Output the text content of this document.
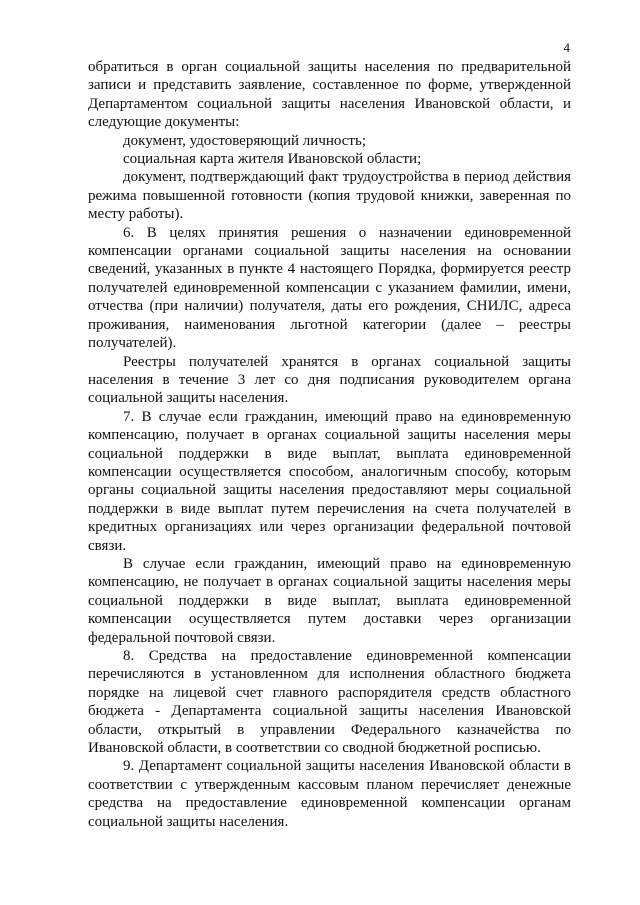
4

обратиться в орган социальной защиты населения по предварительной записи и представить заявление, составленное по форме, утвержденной Департаментом социальной защиты населения Ивановской области, и следующие документы:

документ, удостоверяющий личность;

социальная карта жителя Ивановской области;

документ, подтверждающий факт трудоустройства в период действия режима повышенной готовности (копия трудовой книжки, заверенная по месту работы).

6. В целях принятия решения о назначении единовременной компенсации органами социальной защиты населения на основании сведений, указанных в пункте 4 настоящего Порядка, формируется реестр получателей единовременной компенсации с указанием фамилии, имени, отчества (при наличии) получателя, даты его рождения, СНИЛС, адреса проживания, наименования льготной категории (далее – реестры получателей).

Реестры получателей хранятся в органах социальной защиты населения в течение 3 лет со дня подписания руководителем органа социальной защиты населения.

7. В случае если гражданин, имеющий право на единовременную компенсацию, получает в органах социальной защиты населения меры социальной поддержки в виде выплат, выплата единовременной компенсации осуществляется способом, аналогичным способу, которым органы социальной защиты населения предоставляют меры социальной поддержки в виде выплат путем перечисления на счета получателей в кредитных организациях или через организации федеральной почтовой связи.

В случае если гражданин, имеющий право на единовременную компенсацию, не получает в органах социальной защиты населения меры социальной поддержки в виде выплат, выплата единовременной компенсации осуществляется путем доставки через организации федеральной почтовой связи.

8. Средства на предоставление единовременной компенсации перечисляются в установленном для исполнения областного бюджета порядке на лицевой счет главного распорядителя средств областного бюджета - Департамента социальной защиты населения Ивановской области, открытый в управлении Федерального казначейства по Ивановской области, в соответствии со сводной бюджетной росписью.

9. Департамент социальной защиты населения Ивановской области в соответствии с утвержденным кассовым планом перечисляет денежные средства на предоставление единовременной компенсации органам социальной защиты населения.
